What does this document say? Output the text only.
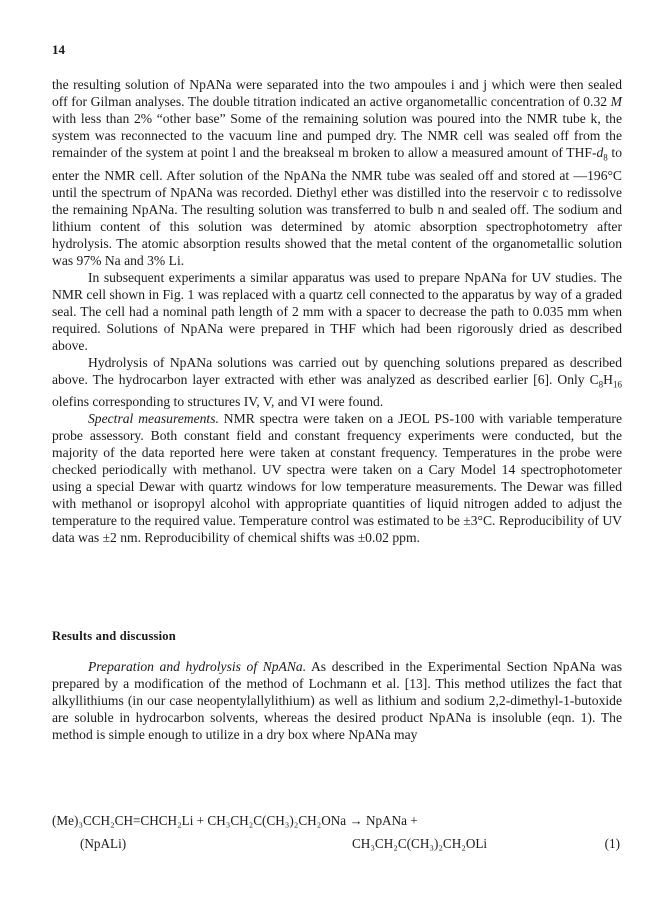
14

the resulting solution of NpANa were separated into the two ampoules i and j which were then sealed off for Gilman analyses. The double titration indicated an active organometallic concentration of 0.32 M with less than 2% “other base” Some of the remaining solution was poured into the NMR tube k, the system was reconnected to the vacuum line and pumped dry. The NMR cell was sealed off from the remainder of the system at point l and the breakseal m broken to allow a measured amount of THF-$d_8$ to enter the NMR cell. After solution of the NpANa the NMR tube was sealed off and stored at —196°C until the spectrum of NpANa was recorded. Diethyl ether was distilled into the reservoir c to redissolve the remaining NpANa. The resulting solution was transferred to bulb n and sealed off. The sodium and lithium content of this solution was determined by atomic absorption spectrophotometry after hydrolysis. The atomic absorption results showed that the metal content of the organometallic solution was 97% Na and 3% Li.

In subsequent experiments a similar apparatus was used to prepare NpANa for UV studies. The NMR cell shown in Fig. 1 was replaced with a quartz cell connected to the apparatus by way of a graded seal. The cell had a nominal path length of 2 mm with a spacer to decrease the path to 0.035 mm when required. Solutions of NpANa were prepared in THF which had been rigorously dried as described above.

Hydrolysis of NpANa solutions was carried out by quenching solutions prepared as described above. The hydrocarbon layer extracted with ether was analyzed as described earlier [6]. Only $C_8H_{16}$ olefins corresponding to structures IV, V, and VI were found.

Spectral measurements. NMR spectra were taken on a JEOL PS-100 with variable temperature probe assessory. Both constant field and constant frequency experiments were conducted, but the majority of the data reported here were taken at constant frequency. Temperatures in the probe were checked periodically with methanol. UV spectra were taken on a Cary Model 14 spectrophotometer using a special Dewar with quartz windows for low temperature measurements. The Dewar was filled with methanol or isopropyl alcohol with appropriate quantities of liquid nitrogen added to adjust the temperature to the required value. Temperature control was estimated to be ±3°C. Reproducibility of UV data was ±2 nm. Reproducibility of chemical shifts was ±0.02 ppm.

Results and discussion

Preparation and hydrolysis of NpANa. As described in the Experimental Section NpANa was prepared by a modification of the method of Lochmann et al. [13]. This method utilizes the fact that alkyllithiums (in our case neopentylallylithium) as well as lithium and sodium 2,2-dimethyl-1-butoxide are soluble in hydrocarbon solvents, whereas the desired product NpANa is insoluble (eqn. 1). The method is simple enough to utilize in a dry box where NpANa may

(Me)₃CCH₂CH=CHCH₂Li + CH₃CH₂C(CH₃)₂CH₂ONa → NpANa +
(NpALi)	CH₃CH₂C(CH₃)₂CH₂OLi	(1)
